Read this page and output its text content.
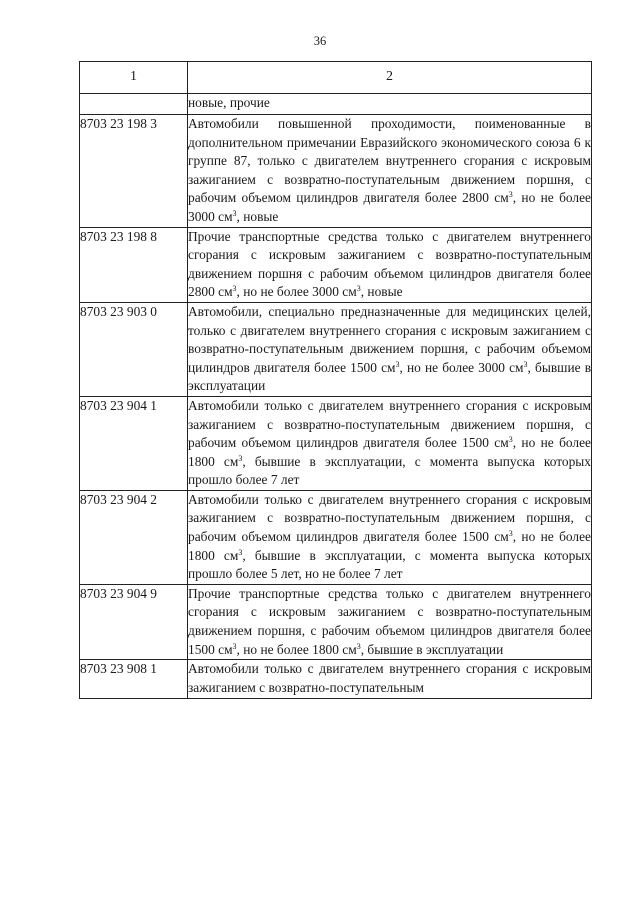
36
1	2
	новые, прочие
8703 23 198 3	Автомобили повышенной проходимости, поименованные в дополнительном примечании Евразийского экономического союза 6 к группе 87, только с двигателем внутреннего сгорания с искровым зажиганием с возвратно-поступательным движением поршня, с рабочим объемом цилиндров двигателя более 2800 $см^3$, но не более 3000 $см^3$, новые
8703 23 198 8	Прочие транспортные средства только с двигателем внутреннего сгорания с искровым зажиганием с возвратно-поступательным движением поршня с рабочим объемом цилиндров двигателя более 2800 $см^3$, но не более 3000 $см^3$, новые
8703 23 903 0	Автомобили, специально предназначенные для медицинских целей, только с двигателем внутреннего сгорания с искровым зажиганием с возвратно-поступательным движением поршня, с рабочим объемом цилиндров двигателя более 1500 $см^3$, но не более 3000 $см^3$, бывшие в эксплуатации
8703 23 904 1	Автомобили только с двигателем внутреннего сгорания с искровым зажиганием с возвратно-поступательным движением поршня, с рабочим объемом цилиндров двигателя более 1500 $см^3$, но не более 1800 $см^3$, бывшие в эксплуатации, с момента выпуска которых прошло более 7 лет
8703 23 904 2	Автомобили только с двигателем внутреннего сгорания с искровым зажиганием с возвратно-поступательным движением поршня, с рабочим объемом цилиндров двигателя более 1500 $см^3$, но не более 1800 $см^3$, бывшие в эксплуатации, с момента выпуска которых прошло более 5 лет, но не более 7 лет
8703 23 904 9	Прочие транспортные средства только с двигателем внутреннего сгорания с искровым зажиганием с возвратно-поступательным движением поршня, с рабочим объемом цилиндров двигателя более 1500 $см^3$, но не более 1800 $см^3$, бывшие в эксплуатации
8703 23 908 1	Автомобили только с двигателем внутреннего сгорания с искровым зажиганием с возвратно-поступательным
